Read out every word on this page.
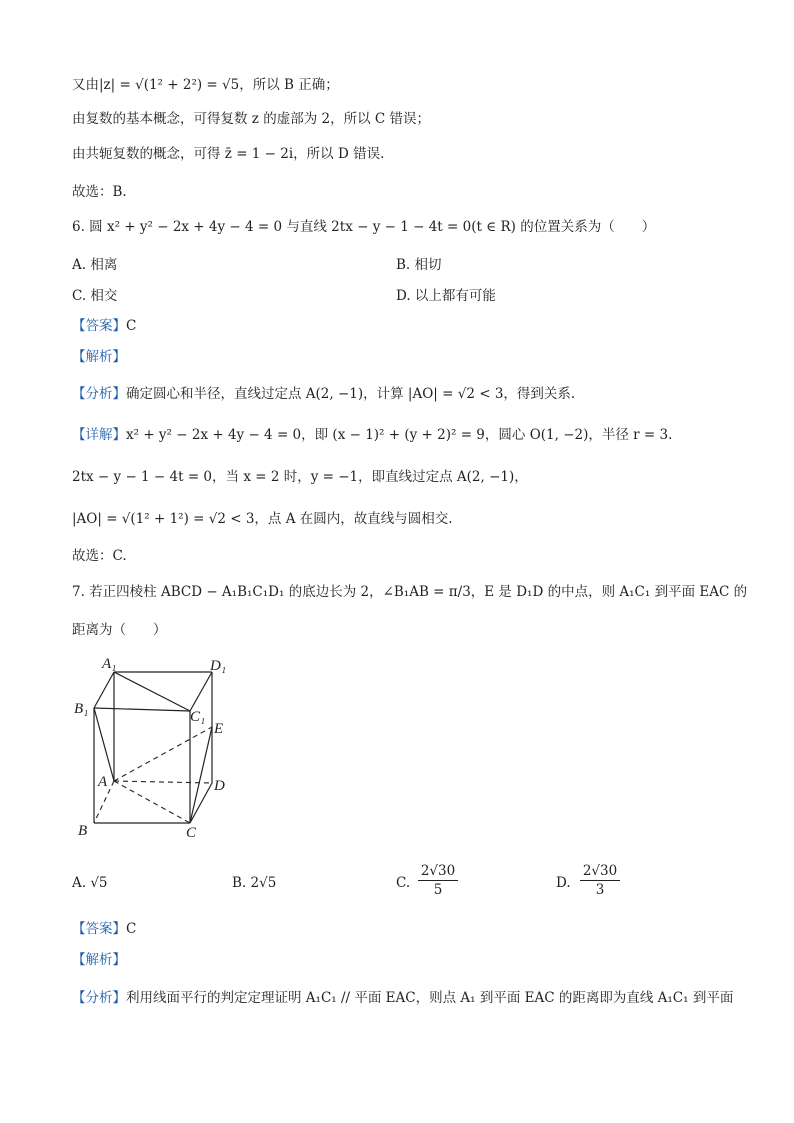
又由|z| = √(1² + 2²) = √5，所以 B 正确；
由复数的基本概念，可得复数 z 的虚部为 2，所以 C 错误；
由共轭复数的概念，可得 z̄ = 1 − 2i，所以 D 错误.
故选：B.
6. 圆 x² + y² − 2x + 4y − 4 = 0 与直线 2tx − y − 1 − 4t = 0(t ∈ R) 的位置关系为（　　）
A. 相离	B. 相切
C. 相交	D. 以上都有可能
【答案】C
【解析】
【分析】确定圆心和半径，直线过定点 A(2, −1)，计算 |AO| = √2 < 3，得到关系.
【详解】x² + y² − 2x + 4y − 4 = 0，即 (x − 1)² + (y + 2)² = 9，圆心 O(1, −2)，半径 r = 3.
2tx − y − 1 − 4t = 0，当 x = 2 时，y = −1，即直线过定点 A(2, −1)，
|AO| = √(1² + 1²) = √2 < 3，点 A 在圆内，故直线与圆相交.
故选：C.
7. 若正四棱柱 ABCD − A₁B₁C₁D₁ 的底边长为 2，∠B₁AB = π/3，E 是 D₁D 的中点，则 A₁C₁ 到平面 EAC 的
距离为（　　）
A₁	D₁
B₁	C₁
E
A	D
B	C
A. √5	B. 2√5	C. $\frac{2√30}{5}$	D. $\frac{2√30}{3}$
【答案】C
【解析】
【分析】利用线面平行的判定定理证明 A₁C₁ // 平面 EAC，则点 A₁ 到平面 EAC 的距离即为直线 A₁C₁ 到平面
